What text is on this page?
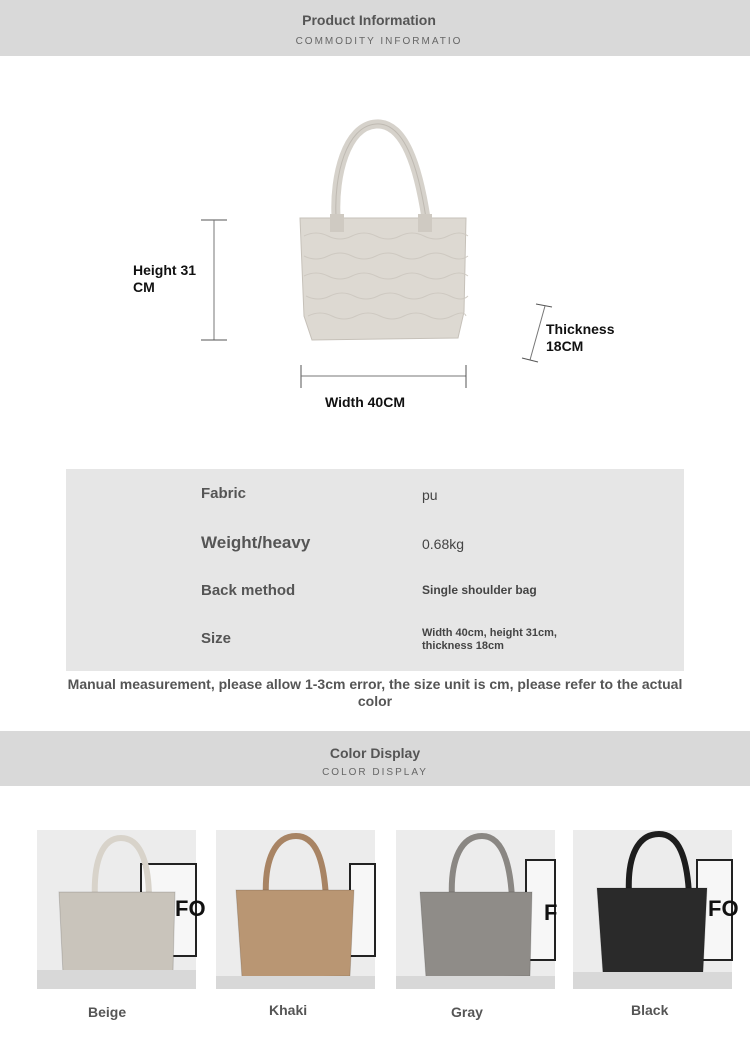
Product Information
COMMODITY INFORMATIO
Height 31
CM
Thickness
18CM
Width 40CM
Fabric	pu
Weight/heavy	0.68kg
Back method	Single shoulder bag
Size	Width 40cm, height 31cm, thickness 18cm
Manual measurement, please allow 1-3cm error, the size unit is cm, please refer to the actual color
Color Display
COLOR DISPLAY
FO	F	FO
Beige	Khaki	Gray	Black
